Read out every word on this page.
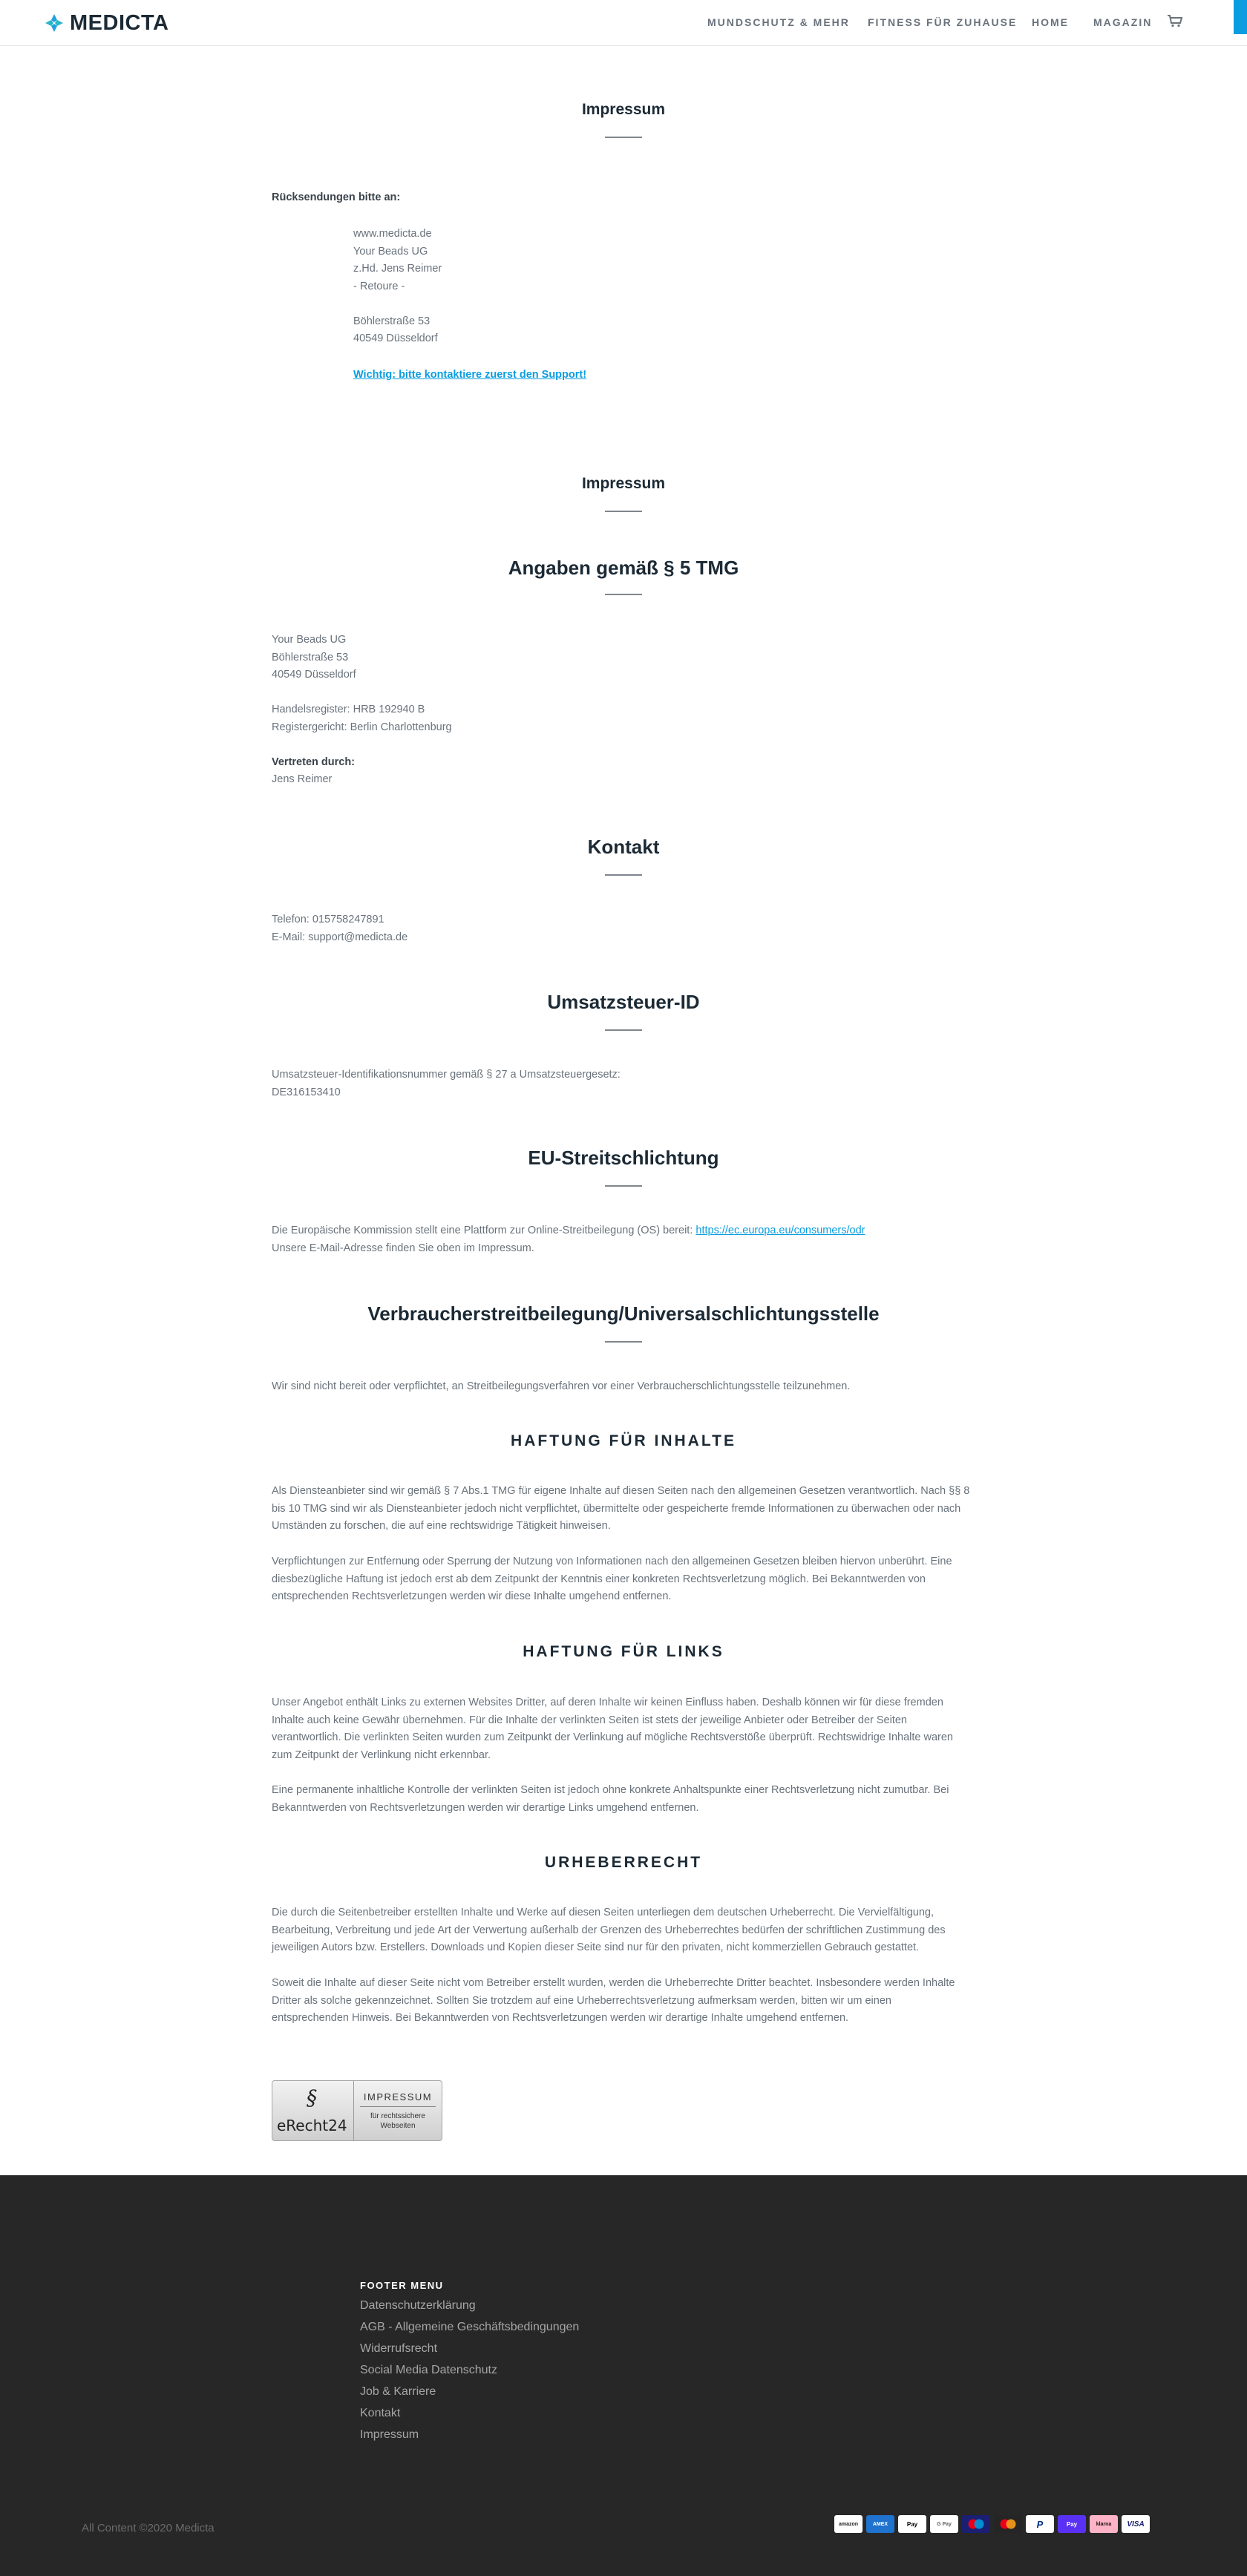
MEDICTA	MUNDSCHUTZ & MEHR FITNESS FÜR ZUHAUSE HOME MAGAZIN
Impressum
Rücksendungen bitte an:
www.medicta.de
Your Beads UG
z.Hd. Jens Reimer
- Retoure -
Böhlerstraße 53
40549 Düsseldorf
Wichtig: bitte kontaktiere zuerst den Support!
Impressum
Angaben gemäß § 5 TMG
Your Beads UG
Böhlerstraße 53
40549 Düsseldorf
Handelsregister: HRB 192940 B
Registergericht: Berlin Charlottenburg
Vertreten durch:
Jens Reimer
Kontakt
Telefon: 015758247891
E-Mail: support@medicta.de
Umsatzsteuer-ID
Umsatzsteuer-Identifikationsnummer gemäß § 27 a Umsatzsteuergesetz:
DE316153410
EU-Streitschlichtung
Die Europäische Kommission stellt eine Plattform zur Online-Streitbeilegung (OS) bereit: https://ec.europa.eu/consumers/odr
Unsere E-Mail-Adresse finden Sie oben im Impressum.
Verbraucherstreitbeilegung/Universalschlichtungsstelle
Wir sind nicht bereit oder verpflichtet, an Streitbeilegungsverfahren vor einer Verbraucherschlichtungsstelle teilzunehmen.
HAFTUNG FÜR INHALTE
Als Diensteanbieter sind wir gemäß § 7 Abs.1 TMG für eigene Inhalte auf diesen Seiten nach den allgemeinen Gesetzen verantwortlich. Nach §§ 8
bis 10 TMG sind wir als Diensteanbieter jedoch nicht verpflichtet, übermittelte oder gespeicherte fremde Informationen zu überwachen oder nach
Umständen zu forschen, die auf eine rechtswidrige Tätigkeit hinweisen.
Verpflichtungen zur Entfernung oder Sperrung der Nutzung von Informationen nach den allgemeinen Gesetzen bleiben hiervon unberührt. Eine
diesbezügliche Haftung ist jedoch erst ab dem Zeitpunkt der Kenntnis einer konkreten Rechtsverletzung möglich. Bei Bekanntwerden von
entsprechenden Rechtsverletzungen werden wir diese Inhalte umgehend entfernen.
HAFTUNG FÜR LINKS
Unser Angebot enthält Links zu externen Websites Dritter, auf deren Inhalte wir keinen Einfluss haben. Deshalb können wir für diese fremden
Inhalte auch keine Gewähr übernehmen. Für die Inhalte der verlinkten Seiten ist stets der jeweilige Anbieter oder Betreiber der Seiten
verantwortlich. Die verlinkten Seiten wurden zum Zeitpunkt der Verlinkung auf mögliche Rechtsverstöße überprüft. Rechtswidrige Inhalte waren
zum Zeitpunkt der Verlinkung nicht erkennbar.
Eine permanente inhaltliche Kontrolle der verlinkten Seiten ist jedoch ohne konkrete Anhaltspunkte einer Rechtsverletzung nicht zumutbar. Bei
Bekanntwerden von Rechtsverletzungen werden wir derartige Links umgehend entfernen.
URHEBERRECHT
Die durch die Seitenbetreiber erstellten Inhalte und Werke auf diesen Seiten unterliegen dem deutschen Urheberrecht. Die Vervielfältigung,
Bearbeitung, Verbreitung und jede Art der Verwertung außerhalb der Grenzen des Urheberrechtes bedürfen der schriftlichen Zustimmung des
jeweiligen Autors bzw. Erstellers. Downloads und Kopien dieser Seite sind nur für den privaten, nicht kommerziellen Gebrauch gestattet.
Soweit die Inhalte auf dieser Seite nicht vom Betreiber erstellt wurden, werden die Urheberrechte Dritter beachtet. Insbesondere werden Inhalte
Dritter als solche gekennzeichnet. Sollten Sie trotzdem auf eine Urheberrechtsverletzung aufmerksam werden, bitten wir um einen
entsprechenden Hinweis. Bei Bekanntwerden von Rechtsverletzungen werden wir derartige Inhalte umgehend entfernen.
§
eRecht24
IMPRESSUM
für rechtssichere
Webseiten
FOOTER MENU
Datenschutzerklärung
AGB - Allgemeine Geschäftsbedingungen
Widerrufsrecht
Social Media Datenschutz
Job & Karriere
Kontakt
Impressum
All Content ©2020 Medicta	amazon	AMEX	Pay	G Pay	P	Pay	klarna VISA
